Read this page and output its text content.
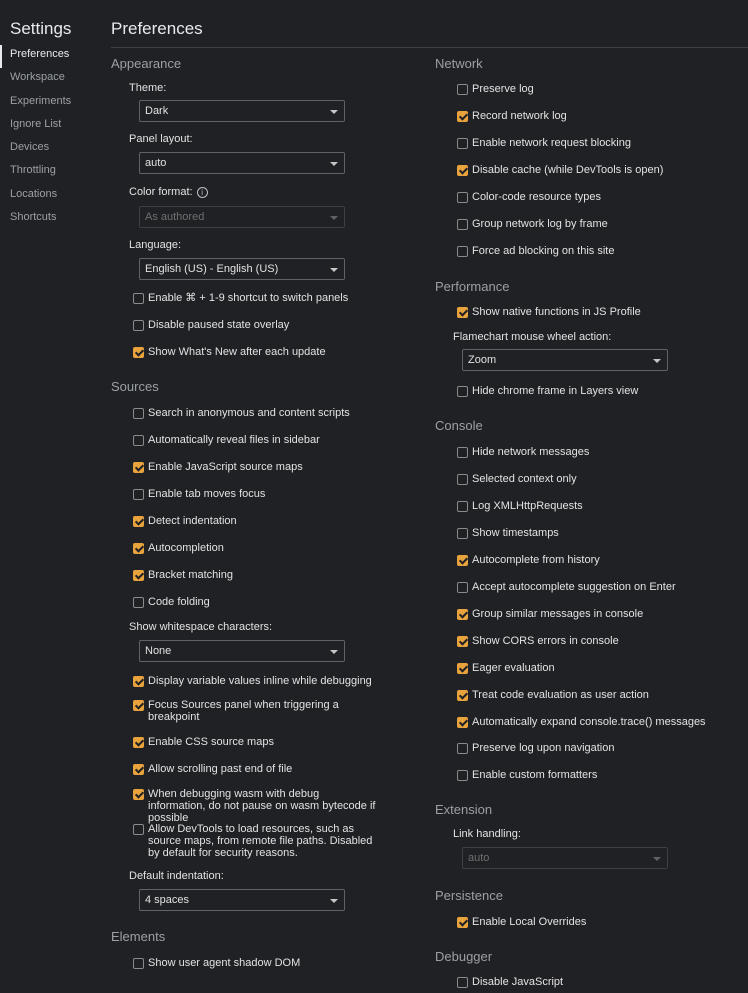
Settings
Preferences
Workspace
Experiments
Ignore List
Devices
Throttling
Locations
Shortcuts
Preferences
Appearance
Theme:
Dark
Panel layout:
auto
Color format: i
As authored
Language:
English (US) - English (US)
Enable ⌘ + 1-9 shortcut to switch panels
Disable paused state overlay
Show What's New after each update
Sources
Search in anonymous and content scripts
Automatically reveal files in sidebar
Enable JavaScript source maps
Enable tab moves focus
Detect indentation
Autocompletion
Bracket matching
Code folding
Show whitespace characters:
None
Display variable values inline while debugging
Focus Sources panel when triggering a breakpoint
Enable CSS source maps
Allow scrolling past end of file
When debugging wasm with debug information, do not pause on wasm bytecode if possible
Allow DevTools to load resources, such as source maps, from remote file paths. Disabled by default for security reasons.
Default indentation:
4 spaces
Elements
Show user agent shadow DOM
Network
Preserve log
Record network log
Enable network request blocking
Disable cache (while DevTools is open)
Color-code resource types
Group network log by frame
Force ad blocking on this site
Performance
Show native functions in JS Profile
Flamechart mouse wheel action:
Zoom
Hide chrome frame in Layers view
Console
Hide network messages
Selected context only
Log XMLHttpRequests
Show timestamps
Autocomplete from history
Accept autocomplete suggestion on Enter
Group similar messages in console
Show CORS errors in console
Eager evaluation
Treat code evaluation as user action
Automatically expand console.trace() messages
Preserve log upon navigation
Enable custom formatters
Extension
Link handling:
auto
Persistence
Enable Local Overrides
Debugger
Disable JavaScript
